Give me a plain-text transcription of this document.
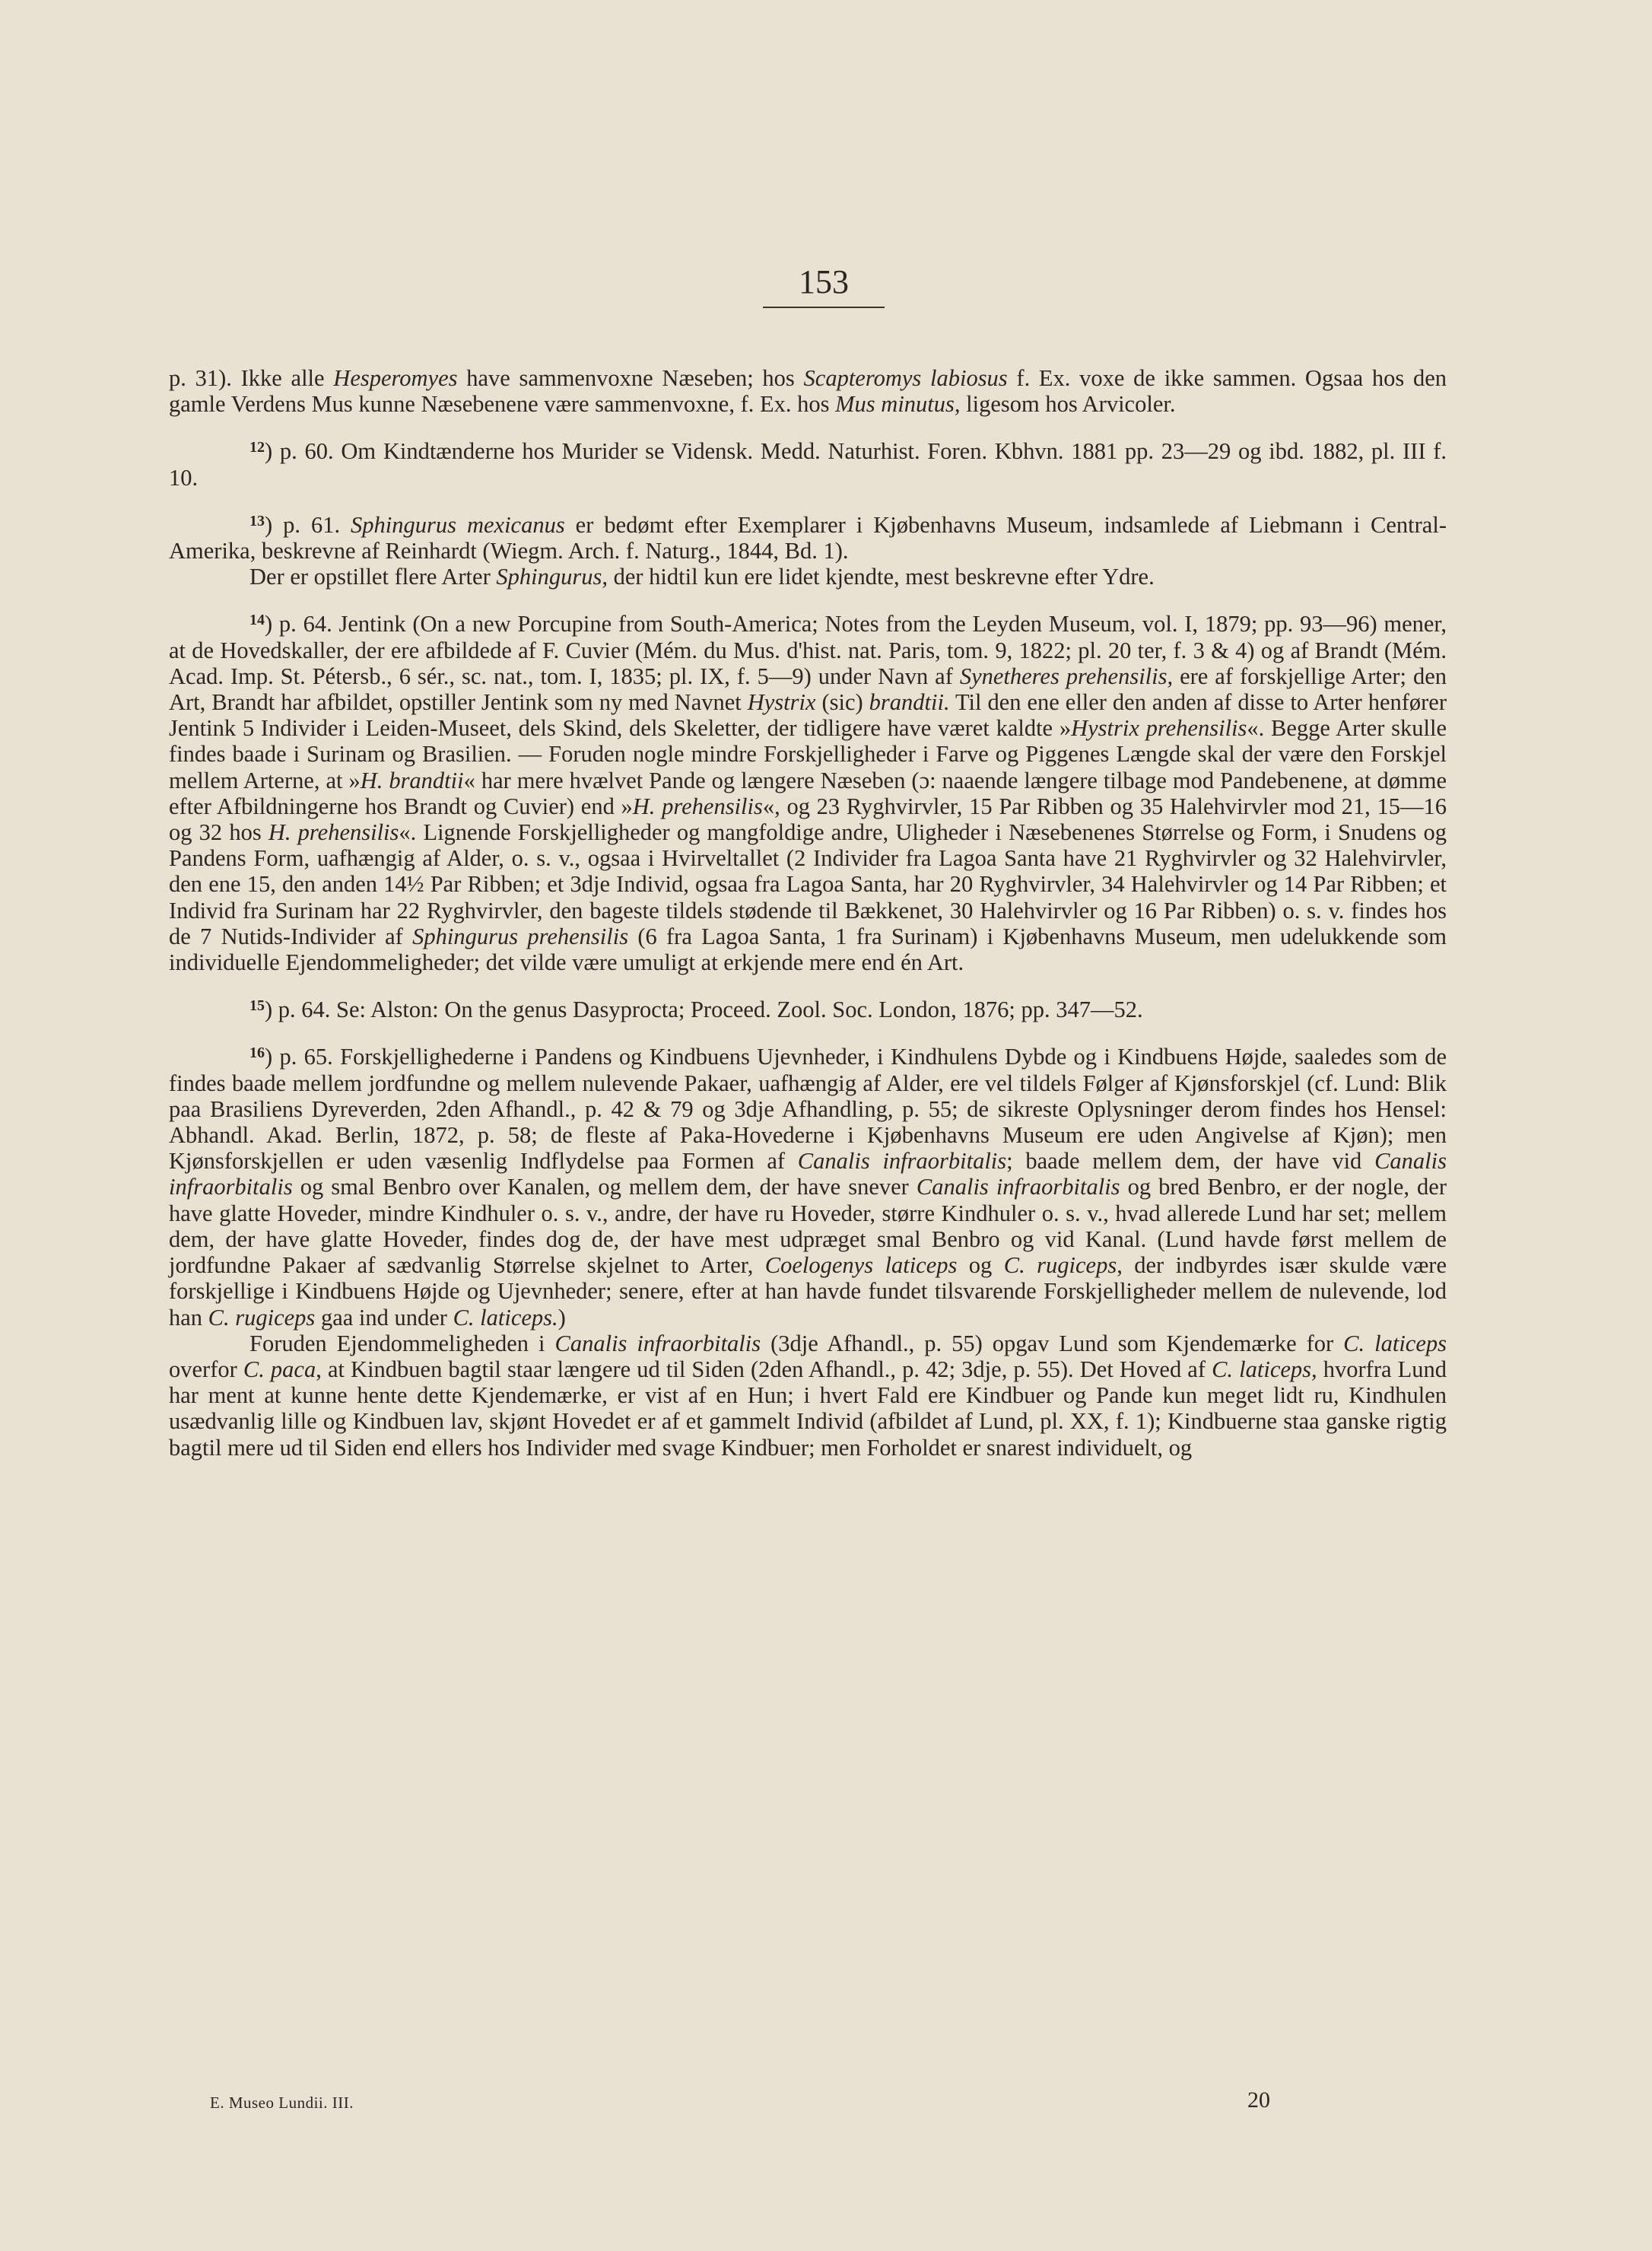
153

p. 31). Ikke alle Hesperomyes have sammenvoxne Næseben; hos Scapteromys labiosus f. Ex. voxe de ikke sammen. Ogsaa hos den gamle Verdens Mus kunne Næsebenene være sammenvoxne, f. Ex. hos Mus minutus, ligesom hos Arvicoler.

$^{12}$) p. 60. Om Kindtænderne hos Murider se Vidensk. Medd. Naturhist. Foren. Kbhvn. 1881 pp. 23—29 og ibd. 1882, pl. III f. 10.

$^{13}$) p. 61. Sphingurus mexicanus er bedømt efter Exemplarer i Kjøbenhavns Museum, indsamlede af Liebmann i Central-Amerika, beskrevne af Reinhardt (Wiegm. Arch. f. Naturg., 1844, Bd. 1).

Der er opstillet flere Arter Sphingurus, der hidtil kun ere lidet kjendte, mest beskrevne efter Ydre.

$^{14}$) p. 64. Jentink (On a new Porcupine from South-America; Notes from the Leyden Museum, vol. I, 1879; pp. 93—96) mener, at de Hovedskaller, der ere afbildede af F. Cuvier (Mém. du Mus. d'hist. nat. Paris, tom. 9, 1822; pl. 20 ter, f. 3 & 4) og af Brandt (Mém. Acad. Imp. St. Pétersb., 6 sér., sc. nat., tom. I, 1835; pl. IX, f. 5—9) under Navn af Synetheres prehensilis, ere af forskjellige Arter; den Art, Brandt har afbildet, opstiller Jentink som ny med Navnet Hystrix (sic) brandtii. Til den ene eller den anden af disse to Arter henfører Jentink 5 Individer i Leiden-Museet, dels Skind, dels Skeletter, der tidligere have været kaldte »Hystrix prehensilis«. Begge Arter skulle findes baade i Surinam og Brasilien. — Foruden nogle mindre Forskjelligheder i Farve og Piggenes Længde skal der være den Forskjel mellem Arterne, at »H. brandtii« har mere hvælvet Pande og længere Næseben (ɔ: naaende længere tilbage mod Pandebenene, at dømme efter Afbildningerne hos Brandt og Cuvier) end »H. prehensilis«, og 23 Ryghvirvler, 15 Par Ribben og 35 Halehvirvler mod 21, 15—16 og 32 hos H. prehensilis«. Lignende Forskjelligheder og mangfoldige andre, Uligheder i Næsebenenes Størrelse og Form, i Snudens og Pandens Form, uafhængig af Alder, o. s. v., ogsaa i Hvirveltallet (2 Individer fra Lagoa Santa have 21 Ryghvirvler og 32 Halehvirvler, den ene 15, den anden 14½ Par Ribben; et 3dje Individ, ogsaa fra Lagoa Santa, har 20 Ryghvirvler, 34 Halehvirvler og 14 Par Ribben; et Individ fra Surinam har 22 Ryghvirvler, den bageste tildels stødende til Bækkenet, 30 Halehvirvler og 16 Par Ribben) o. s. v. findes hos de 7 Nutids-Individer af Sphingurus prehensilis (6 fra Lagoa Santa, 1 fra Surinam) i Kjøbenhavns Museum, men udelukkende som individuelle Ejendommeligheder; det vilde være umuligt at erkjende mere end én Art.

$^{15}$) p. 64. Se: Alston: On the genus Dasyprocta; Proceed. Zool. Soc. London, 1876; pp. 347—52.

$^{16}$) p. 65. Forskjellighederne i Pandens og Kindbuens Ujevnheder, i Kindhulens Dybde og i Kindbuens Højde, saaledes som de findes baade mellem jordfundne og mellem nulevende Pakaer, uafhængig af Alder, ere vel tildels Følger af Kjønsforskjel (cf. Lund: Blik paa Brasiliens Dyreverden, 2den Afhandl., p. 42 & 79 og 3dje Afhandling, p. 55; de sikreste Oplysninger derom findes hos Hensel: Abhandl. Akad. Berlin, 1872, p. 58; de fleste af Paka-Hovederne i Kjøbenhavns Museum ere uden Angivelse af Kjøn); men Kjønsforskjellen er uden væsenlig Indflydelse paa Formen af Canalis infraorbitalis; baade mellem dem, der have vid Canalis infraorbitalis og smal Benbro over Kanalen, og mellem dem, der have snever Canalis infraorbitalis og bred Benbro, er der nogle, der have glatte Hoveder, mindre Kindhuler o. s. v., andre, der have ru Hoveder, større Kindhuler o. s. v., hvad allerede Lund har set; mellem dem, der have glatte Hoveder, findes dog de, der have mest udpræget smal Benbro og vid Kanal. (Lund havde først mellem de jordfundne Pakaer af sædvanlig Størrelse skjelnet to Arter, Coelogenys laticeps og C. rugiceps, der indbyrdes især skulde være forskjellige i Kindbuens Højde og Ujevnheder; senere, efter at han havde fundet tilsvarende Forskjelligheder mellem de nulevende, lod han C. rugiceps gaa ind under C. laticeps.)

Foruden Ejendommeligheden i Canalis infraorbitalis (3dje Afhandl., p. 55) opgav Lund som Kjendemærke for C. laticeps overfor C. paca, at Kindbuen bagtil staar længere ud til Siden (2den Afhandl., p. 42; 3dje, p. 55). Det Hoved af C. laticeps, hvorfra Lund har ment at kunne hente dette Kjendemærke, er vist af en Hun; i hvert Fald ere Kindbuer og Pande kun meget lidt ru, Kindhulen usædvanlig lille og Kindbuen lav, skjønt Hovedet er af et gammelt Individ (afbildet af Lund, pl. XX, f. 1); Kindbuerne staa ganske rigtig bagtil mere ud til Siden end ellers hos Individer med svage Kindbuer; men Forholdet er snarest individuelt, og

E. Museo Lundii. III.	20
